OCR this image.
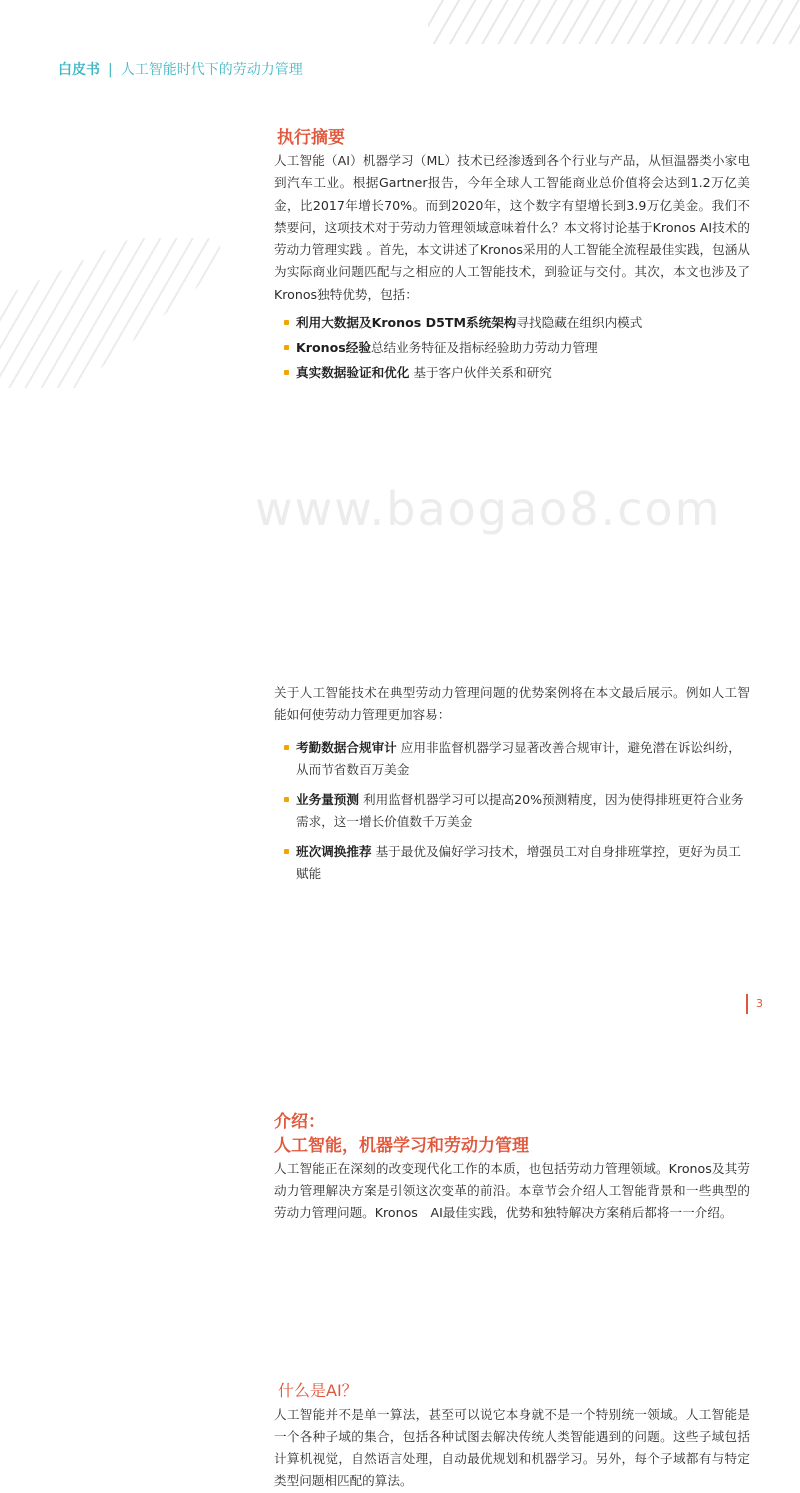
白皮书 | 人工智能时代下的劳动力管理
www.baogao8.com
执行摘要

人工智能（AI）机器学习（ML）技术已经渗透到各个行业与产品，从恒温器类小家电到汽车工业。根据Gartner报告，今年全球人工智能商业总价值将会达到1.2万亿美金，比2017年增长70%。而到2020年，这个数字有望增长到3.9万亿美金。我们不禁要问，这项技术对于劳动力管理领域意味着什么？本文将讨论基于Kronos AI技术的劳动力管理实践 。首先，本文讲述了Kronos采用的人工智能全流程最佳实践，包涵从为实际商业问题匹配与之相应的人工智能技术，到验证与交付。其次，本文也涉及了Kronos独特优势，包括：

利用大数据及Kronos D5TM系统架构寻找隐藏在组织内模式
Kronos经验总结业务特征及指标经验助力劳动力管理
真实数据验证和优化 基于客户伙伴关系和研究

关于人工智能技术在典型劳动力管理问题的优势案例将在本文最后展示。例如人工智能如何使劳动力管理更加容易：

考勤数据合规审计 应用非监督机器学习显著改善合规审计，避免潜在诉讼纠纷，从而节省数百万美金
业务量预测 利用监督机器学习可以提高20%预测精度，因为使得排班更符合业务需求，这一增长价值数千万美金
班次调换推荐 基于最优及偏好学习技术，增强员工对自身排班掌控，更好为员工赋能
介绍：
人工智能，机器学习和劳动力管理

人工智能正在深刻的改变现代化工作的本质，也包括劳动力管理领域。Kronos及其劳动力管理解决方案是引领这次变革的前沿。本章节会介绍人工智能背景和一些典型的劳动力管理问题。Kronos　AI最佳实践，优势和独特解决方案稍后都将一一介绍。

什么是AI？

人工智能并不是单一算法，甚至可以说它本身就不是一个特别统一领域。人工智能是一个各种子域的集合，包括各种试图去解决传统人类智能遇到的问题。这些子域包括计算机视觉，自然语言处理，自动最优规划和机器学习。另外，每个子域都有与特定类型问题相匹配的算法。

3
